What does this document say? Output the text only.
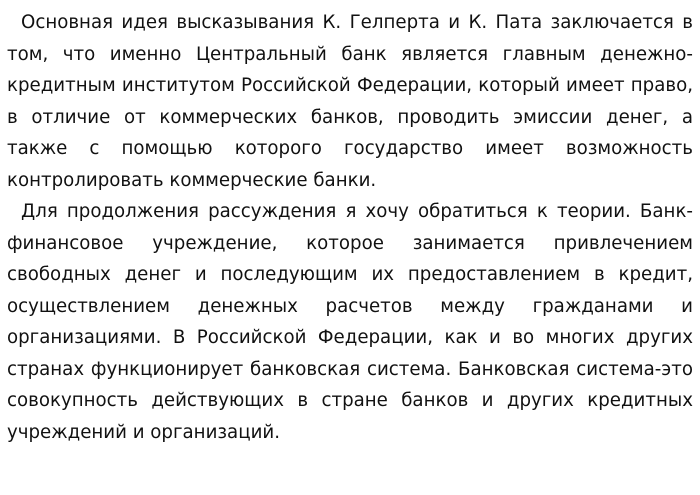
Основная идея высказывания К. Гелперта и К. Пата заключается в
том, что именно Центральный банк является главным денежно-
кредитным институтом Российской Федерации, который имеет право,
в отличие от коммерческих банков, проводить эмиссии денег, а
также с помощью которого государство имеет возможность
контролировать коммерческие банки.
Для продолжения рассуждения я хочу обратиться к теории. Банк-
финансовое учреждение, которое занимается привлечением
свободных денег и последующим их предоставлением в кредит,
осуществлением денежных расчетов между гражданами и
организациями. В Российской Федерации, как и во многих других
странах функционирует банковская система. Банковская система-это
совокупность действующих в стране банков и других кредитных
учреждений и организаций.
